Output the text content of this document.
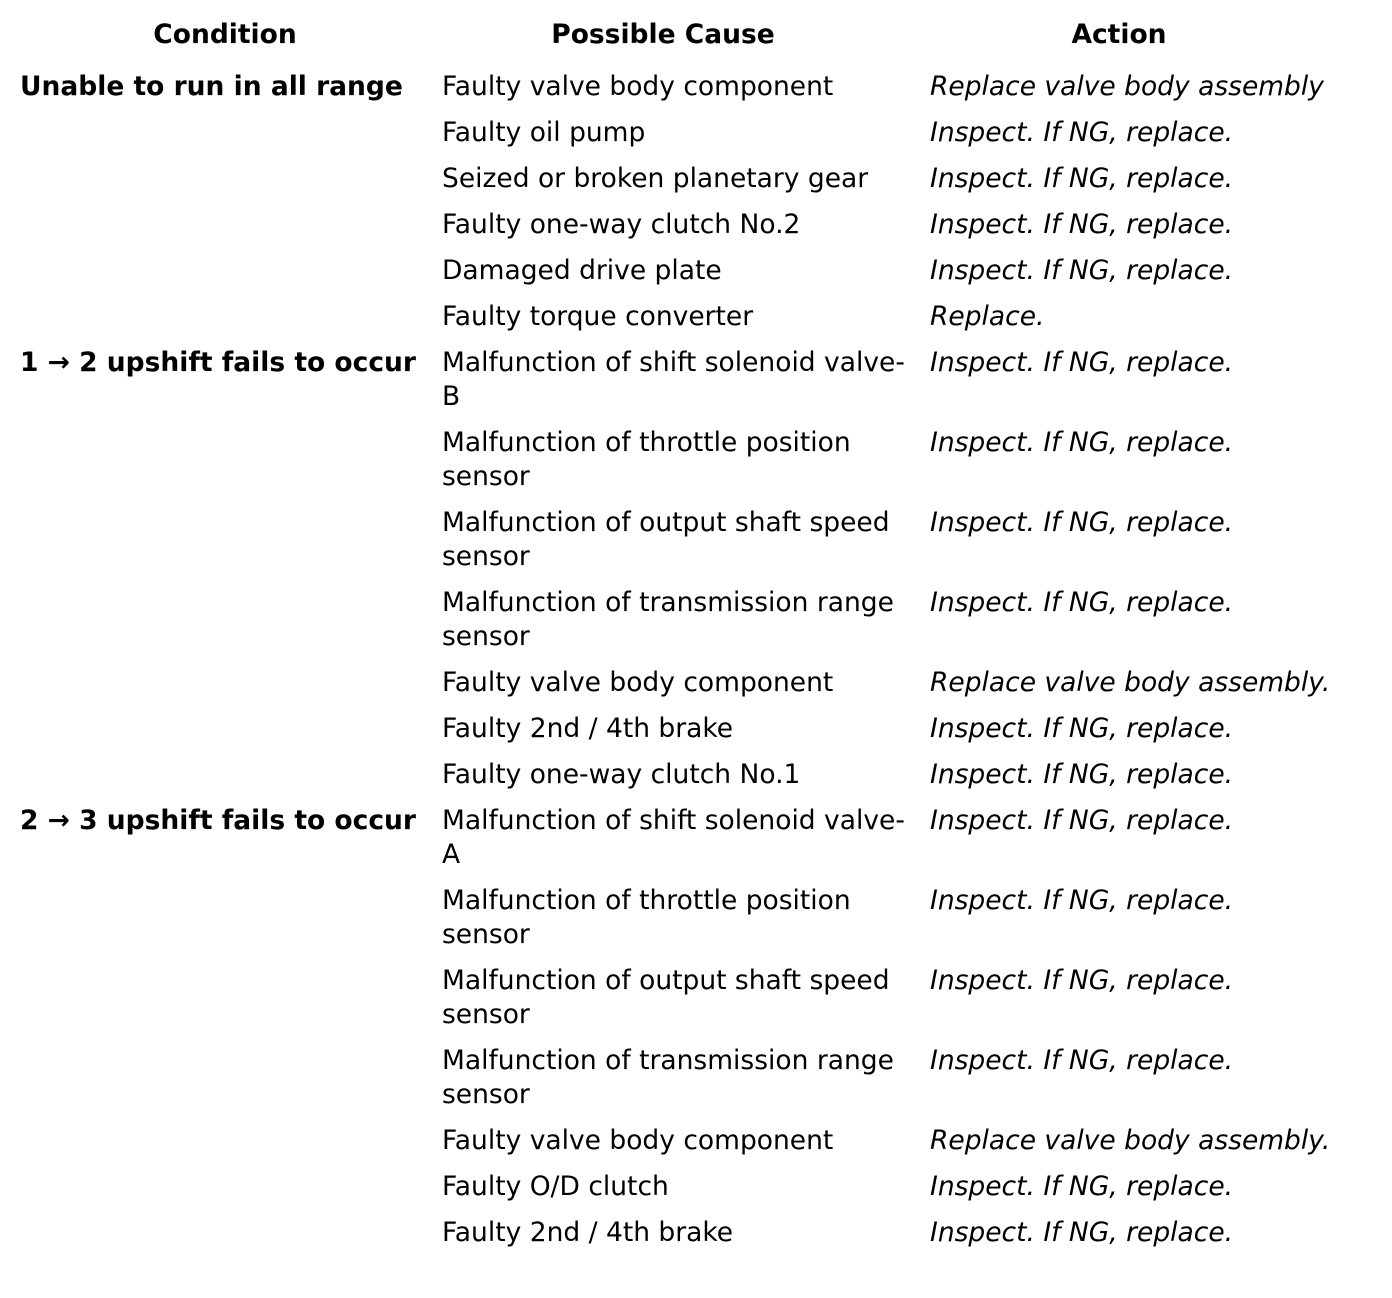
Condition	Possible Cause	Action
Unable to run in all range	Faulty valve body component	Replace valve body assembly
	Faulty oil pump	Inspect. If NG, replace.
	Seized or broken planetary gear	Inspect. If NG, replace.
	Faulty one-way clutch No.2	Inspect. If NG, replace.
	Damaged drive plate	Inspect. If NG, replace.
	Faulty torque converter	Replace.
1 → 2 upshift fails to occur	Malfunction of shift solenoid valve-B	Inspect. If NG, replace.
	Malfunction of throttle position sensor	Inspect. If NG, replace.
	Malfunction of output shaft speed sensor	Inspect. If NG, replace.
	Malfunction of transmission range sensor	Inspect. If NG, replace.
	Faulty valve body component	Replace valve body assembly.
	Faulty 2nd / 4th brake	Inspect. If NG, replace.
	Faulty one-way clutch No.1	Inspect. If NG, replace.
2 → 3 upshift fails to occur	Malfunction of shift solenoid valve-A	Inspect. If NG, replace.
	Malfunction of throttle position sensor	Inspect. If NG, replace.
	Malfunction of output shaft speed sensor	Inspect. If NG, replace.
	Malfunction of transmission range sensor	Inspect. If NG, replace.
	Faulty valve body component	Replace valve body assembly.
	Faulty O/D clutch	Inspect. If NG, replace.
	Faulty 2nd / 4th brake	Inspect. If NG, replace.
